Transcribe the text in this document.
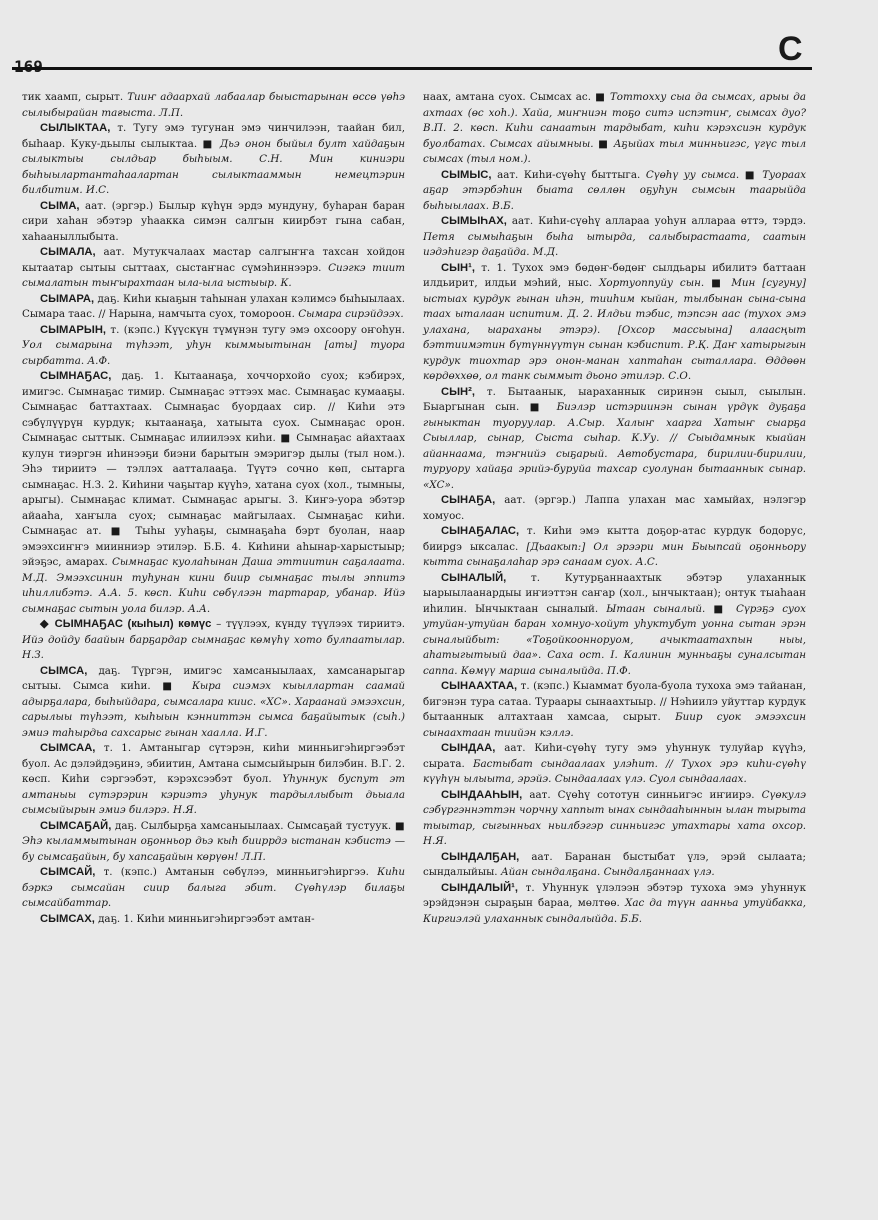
169	С

тик хаамп, сырыт. Тииҥ адаархай лабаалар быыстарынан өссө үөһэ сылыбырайан тағыста. Л.П.

СЫЛЫКТАА, т. Тугу эмэ тугунан эмэ чинчилээн, таайан бил, быһаар. Кукy-дьылы сылыктаа. ■ Дьэ онон быйыл булт хайдаҕын сылыктыы сылдьар быһыым. С.Н. Мин киниэри быһыылартантаһаалартан сылыктааммын немецтэрин билбитим. И.С.

СЫМА, аат. (эргэр.) Былыр күһүн эрдэ мундуну, буһаран баран сири хаһан эбэтэр уһаакка симэн салгын киирбэт гына сабан, хаһааныллыбыта.

СЫМАЛА, аат. Мутукчалаах мастар салгыҥҥа тахсан хойдон кытаатар сытыы сыттаах, сыстаҥнас сүмэһиннээрэ. Сиэгкэ тиит сымалатын тыҥырахтаан ыла-ыла ыстыыр. К.

СЫМАРА, даҕ. Киһи кыаҕын таһынан улахан кэлимсэ быһыылаах. Сымара таас. // Нарына, намчыта суох, томороон. Сымара сирэйдээх.

СЫМАРЫН, т. (кэпс.) Күүскүн түмүнэн тугу эмэ охсоору оҥоһун. Уол сымарына түһээт, уһун кыммыытынан [аты] туора сырбатта. А.Ф.

СЫМНАҔАС, даҕ. 1. Кытаанаҕа, хоччорхойо суох; кэбирэх, имигэс. Сымнаҕас тимир. Сымнаҕас эттээх мас. Сымнаҕас кумааҕы. Сымнаҕас баттахтаах. Сымнаҕас буордаах сир. // Киһи этэ сэбүлүүрүн курдук; кытаанаҕа, хатыыта суох. Сымнаҕас орон. Сымнаҕас сыттык. Сымнаҕас илиилээх киһи. ■ Сымнаҕас айахтаах кулун тиэргэн иһинээҕи биэни барытын эмэригэр дылы (тыл ном.). Эһэ тириитэ — тэллэх аатталааҕа. Түүтэ сочно көп, сытарга сымнаҕас. Н.З. 2. Киһини чаҕытар күүһэ, хатана суох (хол., тымныы, арыгы). Сымнаҕас климат. Сымнаҕас арыгы. 3. Киҥэ-уора эбэтэр айааһа, хаҥыла суох; сымнаҕас майгылаах. Сымнаҕас киһи. Сымнаҕас ат. ■ Тыһы ууһаҕы, сымнаҕаһа бэрт буолан, наар эмээхсиҥҥэ миинниэр этилэр. Б.Б. 4. Киһини аһынар-харыстыыр; эйэҕэс, амарах. Сымнаҕас куолаһынан Даша эттиитин саҕалаата. М.Д. Эмээхсинин туһунан кини биир сымнаҕас тылы эппитэ иһиллибэтэ. А.А. 5. көсп. Киһи сөбүлээн тартарар, убанар. Ийэ сымнаҕас сытын уола билэр. А.А.

◆ СЫМНАҔАС (кыһыл) көмүс – түүлээх, күнду түүлээх тириитэ. Ийэ дойду баайын барҕардар сымнаҕас көмүһү хото булпаатылар. Н.З.

СЫМСА, даҕ. Түргэн, имигэс хамсаныылаах, хамсанарыгар сытыы. Сымса киһи. ■ Кыра сиэмэх кыыллартан саамай адырҕалара, быһыйдара, сымсалара киис. «ХС». Хараанай эмээхсин, сарылыы түһээт, кыһыын кэнниттэн сымса баҕайытык (сыһ.) эмиэ таһырдьа сахсарыс гынан хаалла. И.Г.

СЫМСАА, т. 1. Амтаныгар сүтэрэн, киһи минньигэһиргээбэт буол. Ас дэлэйдэҕинэ, эбиитин, Амтана сымсыйырын билэбин. В.Г. 2. көсп. Киһи сэргээбэт, кэрэхсээбэт буол. Үһуннук буспут эт амтаныы сүтэрэрин кэриэтэ уһунук тардыллыбыт дьыала сымсыйырын эмиэ билэрэ. Н.Я.

СЫМСАҔАЙ, даҕ. Сылбырҕа хамсаныылаах. Сымсаҕай тустуук. ■ Эһэ кыламмытынан оҕонньор дьэ кыһ бииррдэ ыстанан кэбистэ — бу сымсаҕайын, бу хапсаҕайын көрүөн! Л.П.

СЫМСАЙ, т. (кэпс.) Амтанын сөбүлээ, минньигэһиргээ. Киһи бэркэ сымсайан сиир балыга эбит. Сүөһүлэр билаҕы сымсайбаттар.

СЫМСАХ, даҕ. 1. Киһи минньигэһиргээбэт амтан-

наах, амтана суох. Сымсах ас. ■ Тоттохху сыа да сымсах, арыы да ахтаах (өс хоһ.). Хайа, миҥниэн тоҕо ситэ испэтиҥ, сымсах дуо? В.П. 2. көсп. Киһи санаатын тардыбат, киһи кэрэхсиэн курдук буолбатах. Сымсах айымныы. ■ Аҕыйах тыл минньигэс, үгүс тыл сымсах (тыл ном.).

СЫМЫС, аат. Киһи-сүөһү быттыга. Сүөһү уу сымса. ■ Туораах аҕар этэрбэһин быата сөллөн оҕуһун сымсын таарыйда быһыылаах. В.Б.

СЫМЫҺАХ, аат. Киһи-сүөһү аллараа уоһун аллараа өттэ, тэрдэ. Петя сымыһаҕын быһа ытырда, салыбырастаата, саатын иэдэһигэр даҕайда. М.Д.

СЫН¹, т. 1. Тухох эмэ бөдөҥ-бөдөҥ сылдьары ибилитэ баттаан илдьирит, илдьи мэһий, ныс. Хортуоппуйу сын. ■ Мин [сугуну] ыстыах курдук гынан иһэн, тииһим кыйан, тылбынан сына-сына таах ыталаан испитим. Д. 2. Илдьи тэбис, тэпсэн аас (тухох эмэ улахана, ыараханы этэрэ). [Охсор массыына] алаасңыт бэттиимэтин бүтүннүүтүн сынан кэбиспит. Р.Қ. Даҥ хатырыгын курдук тиохтар эрэ онон-манан хаптаһан сыталлара. Өддөөн көрдөххөө, ол танк сыммыт дьоно этилэр. С.О.

СЫН², т. Бытаанык, ыараханнык сиринэн сыыл, сыылын. Быаргынан сын. ■ Биэлэр истэриинэн сынан үрдүк дуҕаҕа гыныктан туоруулар. А.Сыр. Халыҥ хаарга Хатыҥ сыарҕа Сыыллар, сынар, Сыста сыһар. К.Уу. // Сыыдамнык кыайан айаннаама, тэҥнийэ сыҕарый. Автобустара, бирилии-бирилии, туруору хайаҕа эрийэ-буруйа тахсар суолунан бытааннык сынар. «ХС».

СЫНАҔА, аат. (эргэр.) Лаппа улахан мас хамыйах, нэлэгэр хомуос.

СЫНАҔАЛАС, т. Киһи эмэ кытта доҕор-атас курдук бодорус, биирgэ ыксалас. [Дьаакып:] Ол эрээри мин Быыпсай оҕонньору кытта сынаҕалаһар эрэ санаам суох. А.С.

СЫНАЛЫЙ, т. Кутурҕаннаахтык эбэтэр улаханнык ыарыылаанардыы иҥиэттэн саҥар (хол., ынчыктаан); онтук тыаһаан иһилин. Ынчыктаан сыналый. Ытаан сыналый. ■ Сүрэҕэ суох утуйан-утуйан баран хомнуо-хойут уһуктубут уонна сытан эрэн сыналыйбыт: «Тоҕойкоонноруом, ачыктаатахпын ныы, аһатыгытыый даа». Саха ост. I. Калинин мунньаҕы суналсытан саппа. Көмүү марша сыналыйда. П.Ф.

СЫНААХТАА, т. (кэпс.) Кыаммат буола-буола тухоха эмэ тайанан, бигэнэн тура сатаа. Тураары сынаахтыыр. // Нэһиилэ уйуттар курдук бытааннык алтахтаан хамсаа, сырыт. Биир суок эмээхсин сынаахтаан тиийэн кэллэ.

СЫНДАА, аат. Киһи-сүөһү тугу эмэ уһуннук тулуйар күүһэ, сырата. Бастыбат сындаалаах улэһит. // Тухох эрэ киһи-сүөһү күүһүн ылыыта, эрэйэ. Сындаалаах үлэ. Суол сындаалаах.

СЫНДААҺЫН, аат. Сүөһү сототун синньигэс иҥиирэ. Сүөкулэ сэбүргэннэттэн чорчну хаппыт ынах сындааһыннын ылан тырыта тыытар, сыгынньах ньилбэгэр синньигэс утахтары хата охсор. Н.Я.

СЫНДАЛҔАН, аат. Баранан быстыбат үлэ, эрэй сылаата; сындалыйыы. Айан сындалҕана. Сындалҕаннаах үлэ.

СЫНДАЛЫЙ¹, т. Уһуннук үлэлээн эбэтэр тухоха эмэ уһуннук эрэйдэнэн сыраҕын бараа, мөлтөө. Хас да түүн аанньа утуйбакка, Киргиэлэй улаханнык сындалыйда. Б.Б.
